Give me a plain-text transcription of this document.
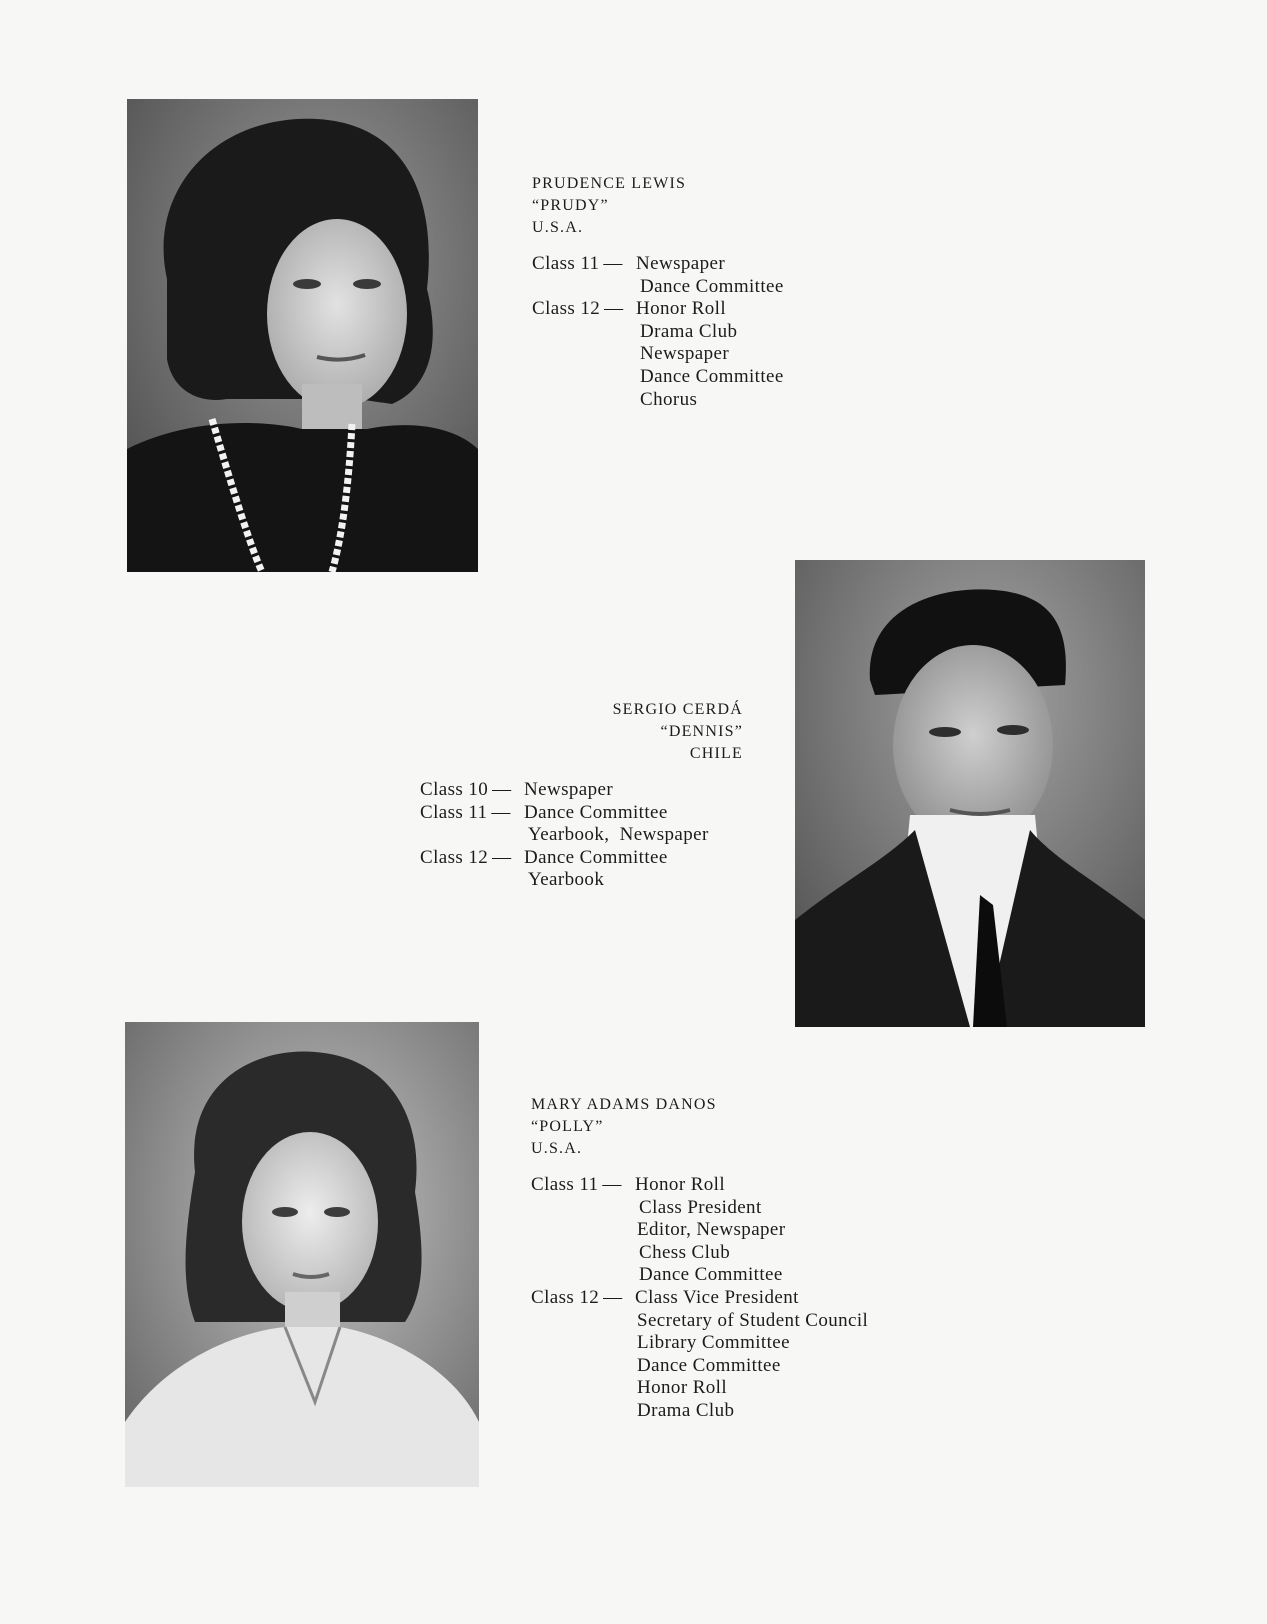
PRUDENCE LEWIS
“PRUDY”
U.S.A.
Class 11 — Newspaper
Dance Committee
Class 12 — Honor Roll
Drama Club
Newspaper
Dance Committee
Chorus
SERGIO CERDÁ
“DENNIS”
CHILE
Class 10 — Newspaper
Class 11 — Dance Committee
Yearbook,  Newspaper
Class 12 — Dance Committee
Yearbook
MARY ADAMS DANOS
“POLLY”
U.S.A.
Class 11 — Honor Roll
Class President
Editor, Newspaper
Chess Club
Dance Committee
Class 12 — Class Vice President
Secretary of Student Council
Library Committee
Dance Committee
Honor Roll
Drama Club
